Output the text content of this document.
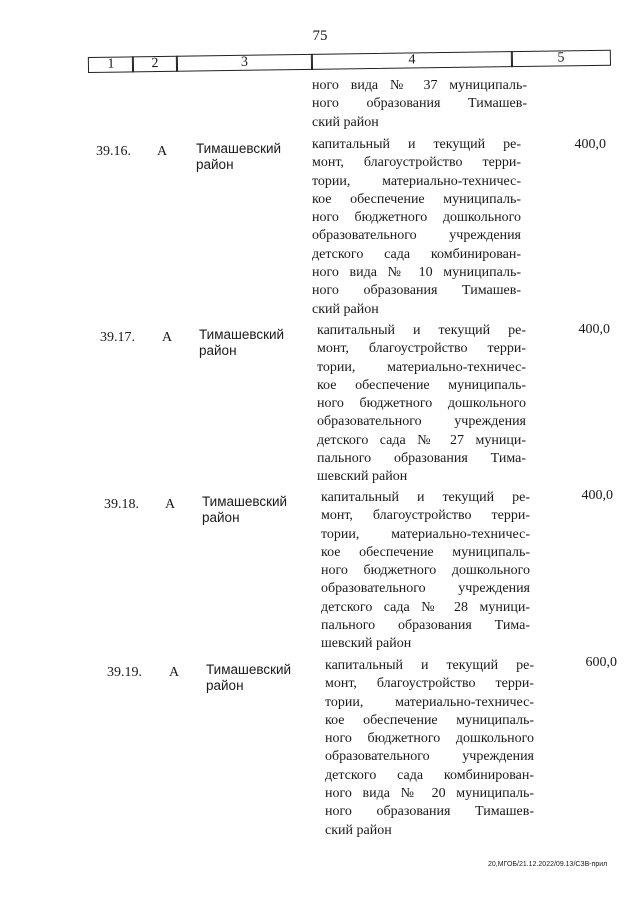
75
1	2	3	4	5
ного вида № 37 муниципаль-
ного образования Тимашев-
ский район
39.16. А Тимашевский
район
капитальный и текущий ре-
монт, благоустройство терри-
тории, материально-техничес-
кое обеспечение муниципаль-
ного бюджетного дошкольного
образовательного учреждения
детского сада комбинирован-
ного вида № 10 муниципаль-
ного образования Тимашев-
ский район
400,0
39.17. А Тимашевский
район
капитальный и текущий ре-
монт, благоустройство терри-
тории, материально-техничес-
кое обеспечение муниципаль-
ного бюджетного дошкольного
образовательного учреждения
детского сада № 27 муници-
пального образования Тима-
шевский район
400,0
39.18. А Тимашевский
район
капитальный и текущий ре-
монт, благоустройство терри-
тории, материально-техничес-
кое обеспечение муниципаль-
ного бюджетного дошкольного
образовательного учреждения
детского сада № 28 муници-
пального образования Тима-
шевский район
400,0
39.19. А Тимашевский
район
капитальный и текущий ре-
монт, благоустройство терри-
тории, материально-техничес-
кое обеспечение муниципаль-
ного бюджетного дошкольного
образовательного учреждения
детского сада комбинирован-
ного вида № 20 муниципаль-
ного образования Тимашев-
ский район
600,0
20,МГОБ/21.12.2022/09.13/СЗВ-прил
